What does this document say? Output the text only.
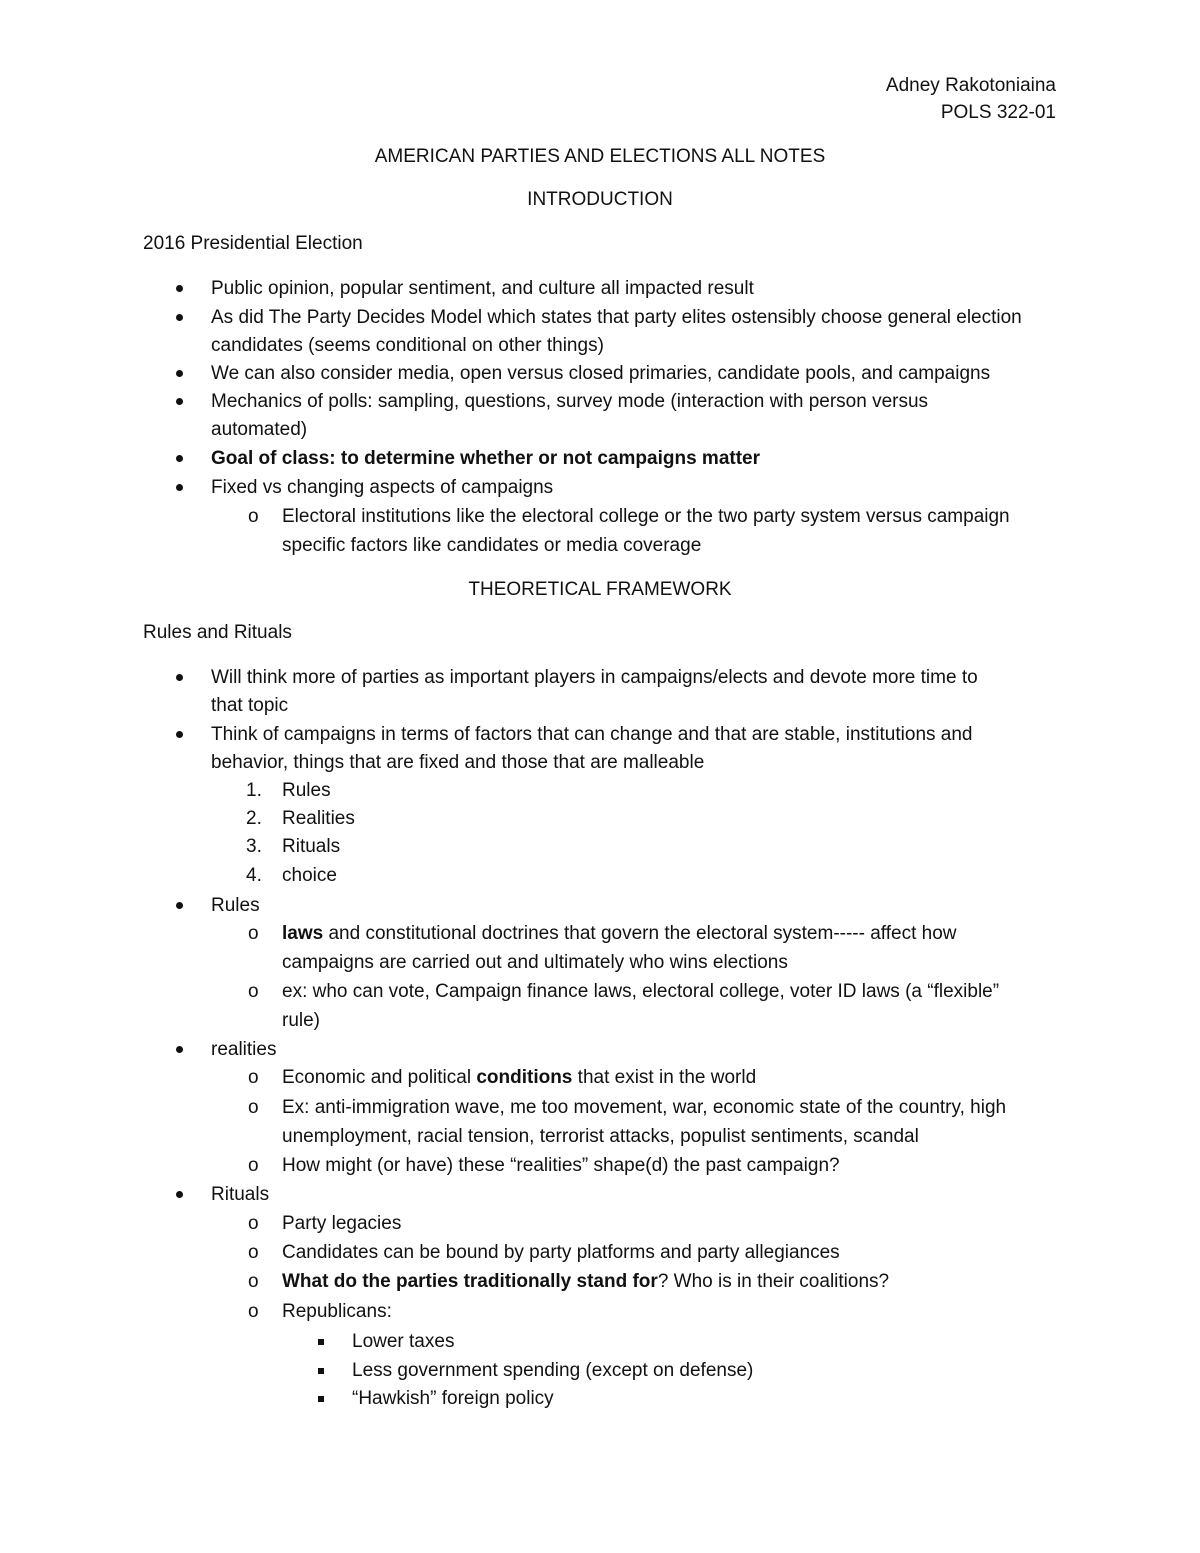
Adney Rakotoniaina
POLS 322-01
AMERICAN PARTIES AND ELECTIONS ALL NOTES
INTRODUCTION
2016 Presidential Election
Public opinion, popular sentiment, and culture all impacted result
As did The Party Decides Model which states that party elites ostensibly choose general election
candidates (seems conditional on other things)
We can also consider media, open versus closed primaries, candidate pools, and campaigns
Mechanics of polls: sampling, questions, survey mode (interaction with person versus
automated)
Goal of class: to determine whether or not campaigns matter
Fixed vs changing aspects of campaigns
o Electoral institutions like the electoral college or the two party system versus campaign
specific factors like candidates or media coverage
THEORETICAL FRAMEWORK
Rules and Rituals
Will think more of parties as important players in campaigns/elects and devote more time to
that topic
Think of campaigns in terms of factors that can change and that are stable, institutions and
behavior, things that are fixed and those that are malleable
1. Rules
2. Realities
3. Rituals
4. choice
Rules
o laws and constitutional doctrines that govern the electoral system----- affect how
campaigns are carried out and ultimately who wins elections
o ex: who can vote, Campaign finance laws, electoral college, voter ID laws (a “flexible”
rule)
realities
o Economic and political conditions that exist in the world
o Ex: anti-immigration wave, me too movement, war, economic state of the country, high
unemployment, racial tension, terrorist attacks, populist sentiments, scandal
o How might (or have) these “realities” shape(d) the past campaign?
Rituals
o Party legacies
o Candidates can be bound by party platforms and party allegiances
o What do the parties traditionally stand for? Who is in their coalitions?
o Republicans:
Lower taxes
Less government spending (except on defense)
“Hawkish” foreign policy
